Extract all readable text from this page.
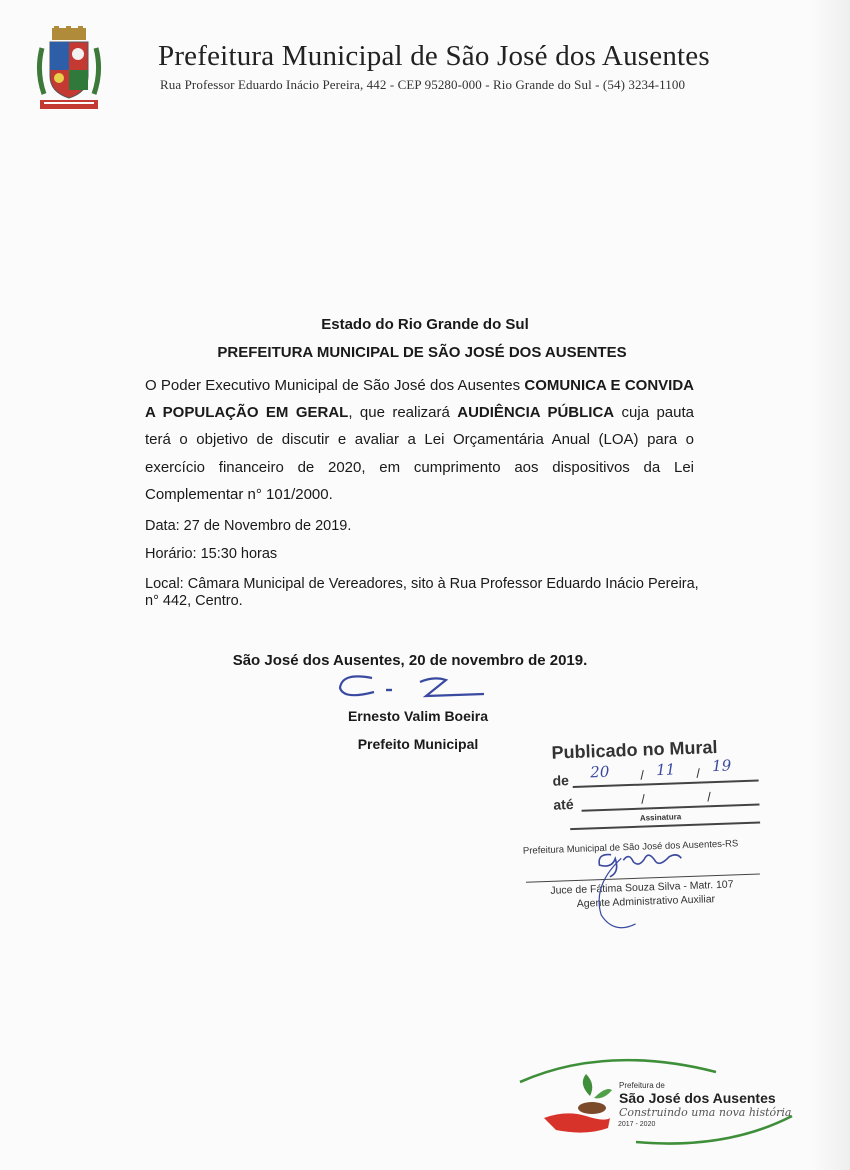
Prefeitura Municipal de São José dos Ausentes
Rua Professor Eduardo Inácio Pereira, 442 - CEP 95280-000 - Rio Grande do Sul - (54) 3234-1100
Estado do Rio Grande do Sul
PREFEITURA MUNICIPAL DE SÃO JOSÉ DOS AUSENTES
O Poder Executivo Municipal de São José dos Ausentes COMUNICA E CONVIDA A POPULAÇÃO EM GERAL, que realizará AUDIÊNCIA PÚBLICA cuja pauta terá o objetivo de discutir e avaliar a Lei Orçamentária Anual (LOA) para o exercício financeiro de 2020, em cumprimento aos dispositivos da Lei Complementar n° 101/2000.
Data: 27 de Novembro de 2019.
Horário: 15:30 horas
Local: Câmara Municipal de Vereadores, sito à Rua Professor Eduardo Inácio Pereira, n° 442, Centro.
São José dos Ausentes, 20 de novembro de 2019.
Ernesto Valim Boeira
Prefeito Municipal	Publicado no Mural
de 20 / 11 / 19
até	/	/
Assinatura
Prefeitura Municipal de São José dos Ausentes-RS
Juce de Fátima Souza Silva - Matr. 107
Agente Administrativo Auxiliar
Prefeitura de
São José dos Ausentes
Construindo uma nova história
2017 - 2020
